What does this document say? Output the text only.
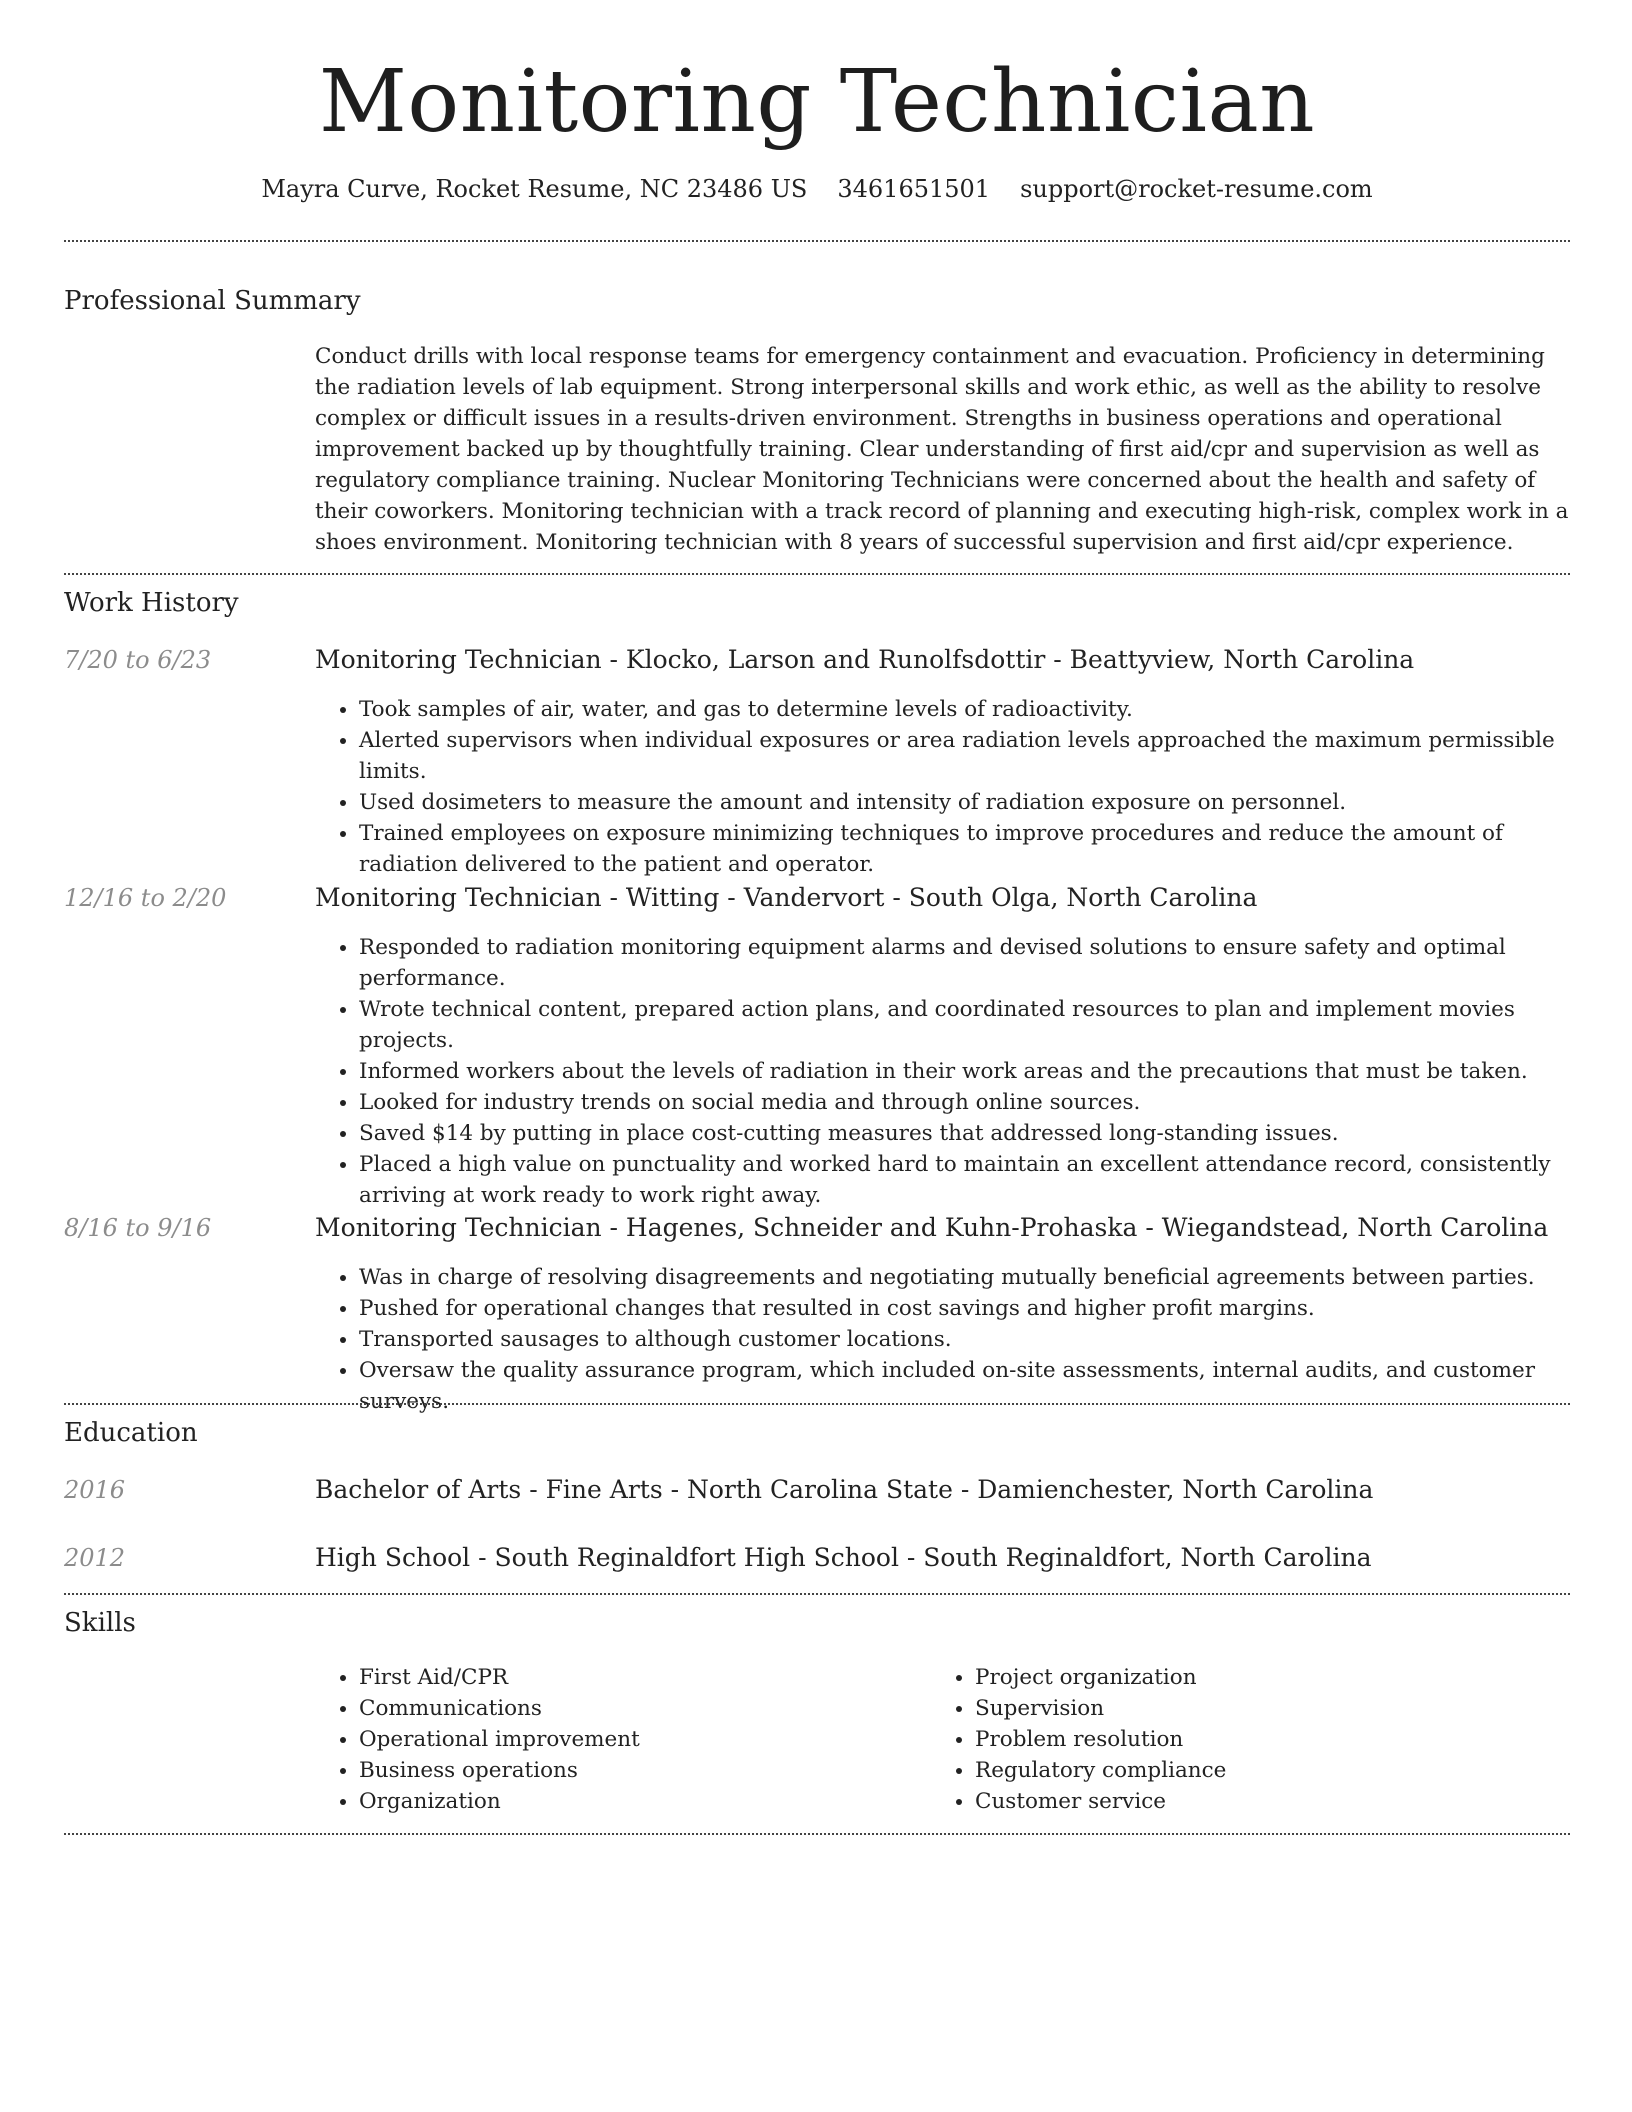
Monitoring Technician
Mayra Curve, Rocket Resume, NC 23486 US 3461651501 support@rocket-resume.com
Professional Summary
Conduct drills with local response teams for emergency containment and evacuation. Proficiency in determining the radiation levels of lab equipment. Strong interpersonal skills and work ethic, as well as the ability to resolve complex or difficult issues in a results-driven environment. Strengths in business operations and operational improvement backed up by thoughtfully training. Clear understanding of first aid/cpr and supervision as well as regulatory compliance training. Nuclear Monitoring Technicians were concerned about the health and safety of their coworkers. Monitoring technician with a track record of planning and executing high-risk, complex work in a shoes environment. Monitoring technician with 8 years of successful supervision and first aid/cpr experience.
Work History
7/20 to 6/23	Monitoring Technician - Klocko, Larson and Runolfsdottir - Beattyview, North Carolina
• Took samples of air, water, and gas to determine levels of radioactivity.
• Alerted supervisors when individual exposures or area radiation levels approached the maximum permissible limits.
• Used dosimeters to measure the amount and intensity of radiation exposure on personnel.
• Trained employees on exposure minimizing techniques to improve procedures and reduce the amount of radiation delivered to the patient and operator.
12/16 to 2/20	Monitoring Technician - Witting - Vandervort - South Olga, North Carolina
• Responded to radiation monitoring equipment alarms and devised solutions to ensure safety and optimal performance.
• Wrote technical content, prepared action plans, and coordinated resources to plan and implement movies projects.
• Informed workers about the levels of radiation in their work areas and the precautions that must be taken.
• Looked for industry trends on social media and through online sources.
• Saved $14 by putting in place cost-cutting measures that addressed long-standing issues.
• Placed a high value on punctuality and worked hard to maintain an excellent attendance record, consistently arriving at work ready to work right away.
8/16 to 9/16	Monitoring Technician - Hagenes, Schneider and Kuhn-Prohaska - Wiegandstead, North Carolina
• Was in charge of resolving disagreements and negotiating mutually beneficial agreements between parties.
• Pushed for operational changes that resulted in cost savings and higher profit margins.
• Transported sausages to although customer locations.
• Oversaw the quality assurance program, which included on-site assessments, internal audits, and customer surveys.
Education
2016	Bachelor of Arts - Fine Arts - North Carolina State - Damienchester, North Carolina
2012	High School - South Reginaldfort High School - South Reginaldfort, North Carolina
Skills
• First Aid/CPR
• Communications
• Operational improvement
• Business operations
• Organization
• Project organization
• Supervision
• Problem resolution
• Regulatory compliance
• Customer service
